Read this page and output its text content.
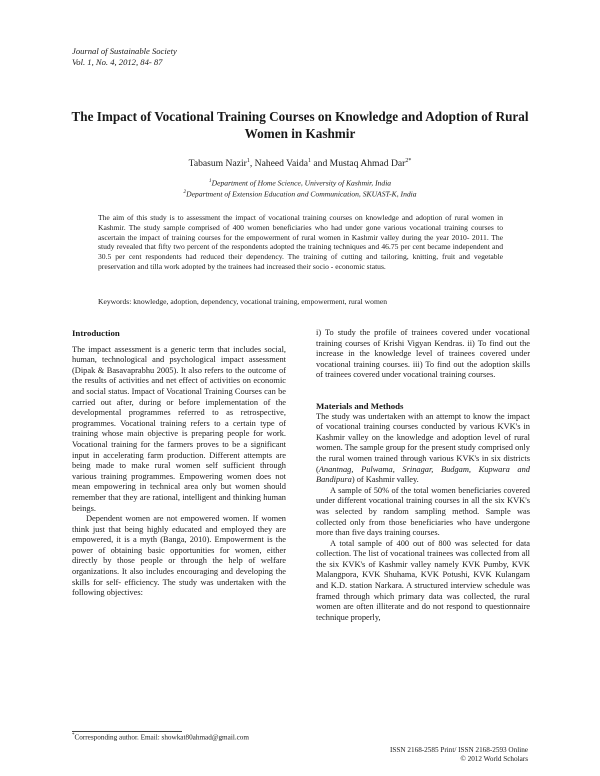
Journal of Sustainable Society
Vol. 1, No. 4, 2012, 84- 87
The Impact of Vocational Training Courses on Knowledge and Adoption of Rural Women in Kashmir
Tabasum Nazir$^1$, Naheed Vaida$^1$ and Mustaq Ahmad Dar$^{2*}$
$^1$Department of Home Science, University of Kashmir, India
$^2$Department of Extension Education and Communication, SKUAST-K, India
The aim of this study is to assessment the impact of vocational training courses on knowledge and adoption of rural women in Kashmir. The study sample comprised of 400 women beneficiaries who had under gone various vocational training courses to ascertain the impact of training courses for the empowerment of rural women in Kashmir valley during the year 2010- 2011. The study revealed that fifty two percent of the respondents adopted the training techniques and 46.75 per cent became independent and 30.5 per cent respondents had reduced their dependency. The training of cutting and tailoring, knitting, fruit and vegetable preservation and tilla work adopted by the trainees had increased their socio - economic status.
Keywords: knowledge, adoption, dependency, vocational training, empowerment, rural women

Introduction

The impact assessment is a generic term that includes social, human, technological and psychological impact assessment (Dipak & Basavaprabhu 2005). It also refers to the outcome of the results of activities and net effect of activities on economic and social status. Impact of Vocational Training Courses can be carried out after, during or before implementation of the developmental programmes referred to as retrospective, programmes. Vocational training refers to a certain type of training whose main objective is preparing people for work. Vocational training for the farmers proves to be a significant input in accelerating farm production. Different attempts are being made to make rural women self sufficient through various training programmes. Empowering women does not mean empowering in technical area only but women should remember that they are rational, intelligent and thinking human beings.

Dependent women are not empowered women. If women think just that being highly educated and employed they are empowered, it is a myth (Banga, 2010). Empowerment is the power of obtaining basic opportunities for women, either directly by those people or through the help of welfare organizations. It also includes encouraging and developing the skills for self- efficiency. The study was undertaken with the following objectives:

i) To study the profile of trainees covered under vocational training courses of Krishi Vigyan Kendras. ii) To find out the increase in the knowledge level of trainees covered under vocational training courses. iii) To find out the adoption skills of trainees covered under vocational training courses.

Materials and Methods

The study was undertaken with an attempt to know the impact of vocational training courses conducted by various KVK's in Kashmir valley on the knowledge and adoption level of rural women. The sample group for the present study comprised only the rural women trained through various KVK's in six districts (Anantnag, Pulwama, Srinagar, Budgam, Kupwara and Bandipura) of Kashmir valley.

A sample of 50% of the total women beneficiaries covered under different vocational training courses in all the six KVK's was selected by random sampling method. Sample was collected only from those beneficiaries who have undergone more than five days training courses.

A total sample of 400 out of 800 was selected for data collection. The list of vocational trainees was collected from all the six KVK's of Kashmir valley namely KVK Pumby, KVK Malangpora, KVK Shuhama, KVK Potushi, KVK Kulangam and K.D. station Narkara. A structured interview schedule was framed through which primary data was collected, the rural women are often illiterate and do not respond to questionnaire technique properly,

*Corresponding author. Email: showkat80ahmad@gmail.com
ISSN 2168-2585 Print/ ISSN 2168-2593 Online
© 2012 World Scholars
